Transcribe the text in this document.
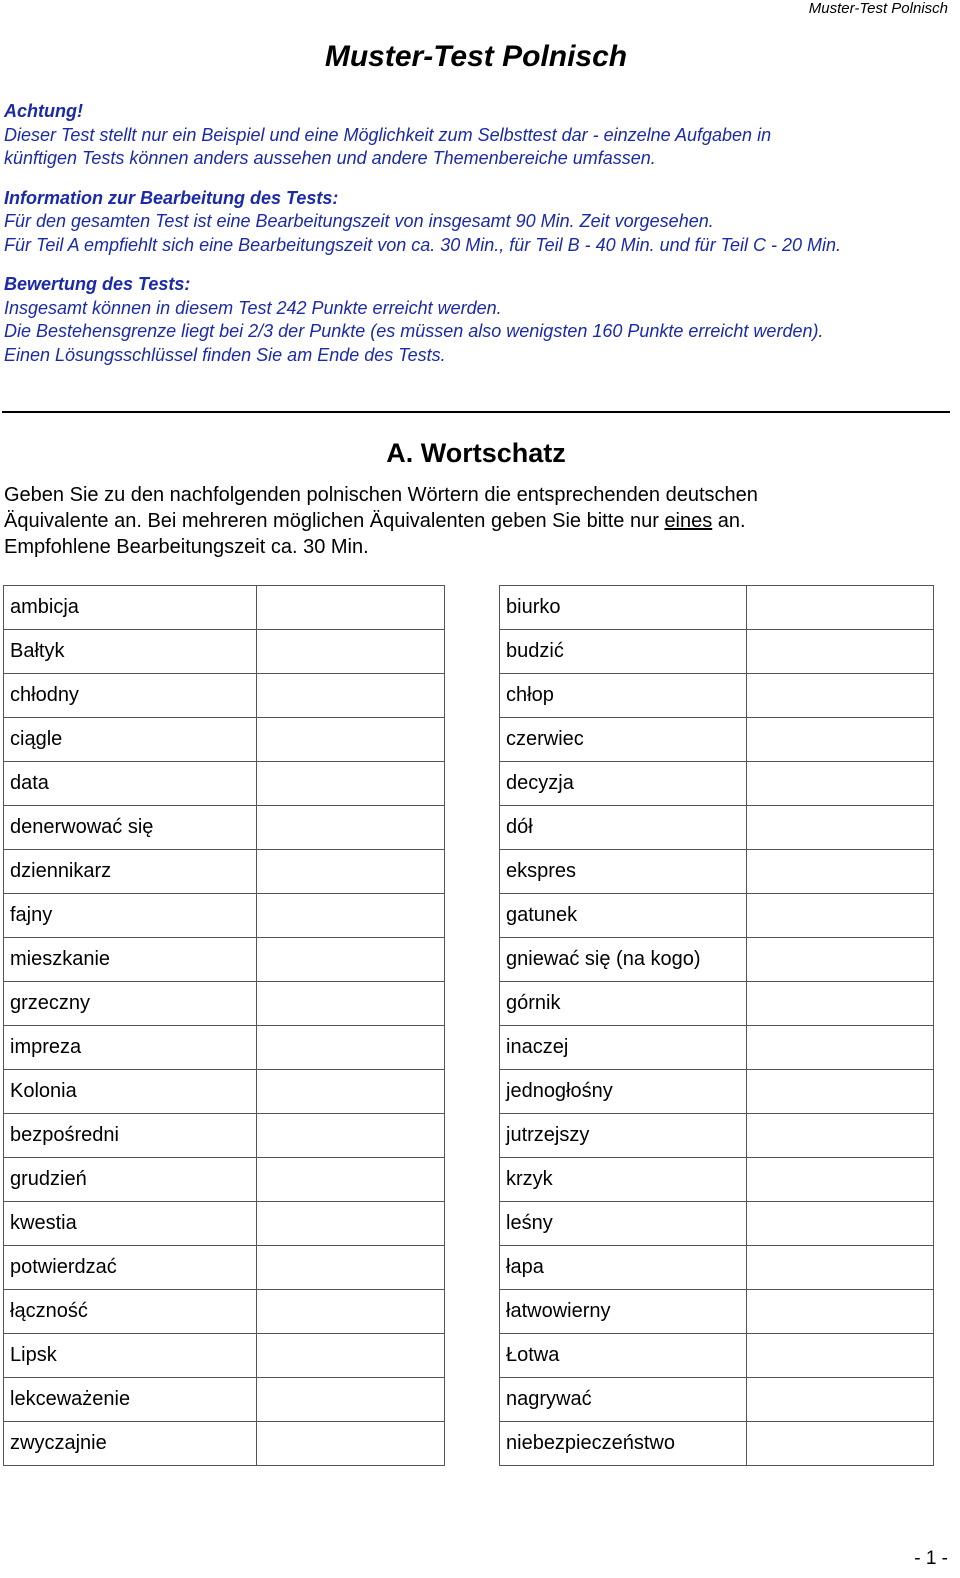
Muster-Test Polnisch
Muster-Test Polnisch

Achtung!

Dieser Test stellt nur ein Beispiel und eine Möglichkeit zum Selbsttest dar - einzelne Aufgaben in

künftigen Tests können anders aussehen und andere Themenbereiche umfassen.

Information zur Bearbeitung des Tests:

Für den gesamten Test ist eine Bearbeitungszeit von insgesamt 90 Min. Zeit vorgesehen.

Für Teil A empfiehlt sich eine Bearbeitungszeit von ca. 30 Min., für Teil B - 40 Min. und für Teil C - 20 Min.

Bewertung des Tests:

Insgesamt können in diesem Test 242 Punkte erreicht werden.

Die Bestehensgrenze liegt bei 2/3 der Punkte (es müssen also wenigsten 160 Punkte erreicht werden).

Einen Lösungsschlüssel finden Sie am Ende des Tests.

A. Wortschatz

Geben Sie zu den nachfolgenden polnischen Wörtern die entsprechenden deutschen

Äquivalente an. Bei mehreren möglichen Äquivalenten geben Sie bitte nur eines an.

Empfohlene Bearbeitungszeit ca. 30 Min.

ambicja	
Bałtyk	
chłodny	
ciągle	
data	
denerwować się	
dziennikarz	
fajny	
mieszkanie	
grzeczny	
impreza	
Kolonia	
bezpośredni	
grudzień	
kwestia	
potwierdzać	
łączność	
Lipsk	
lekceważenie	
zwyczajnie	
biurko	
budzić	
chłop	
czerwiec	
decyzja	
dół	
ekspres	
gatunek	
gniewać się (na kogo)	
górnik	
inaczej	
jednogłośny	
jutrzejszy	
krzyk	
leśny	
łapa	
łatwowierny	
Łotwa	
nagrywać	
niebezpieczeństwo	
- 1 -
